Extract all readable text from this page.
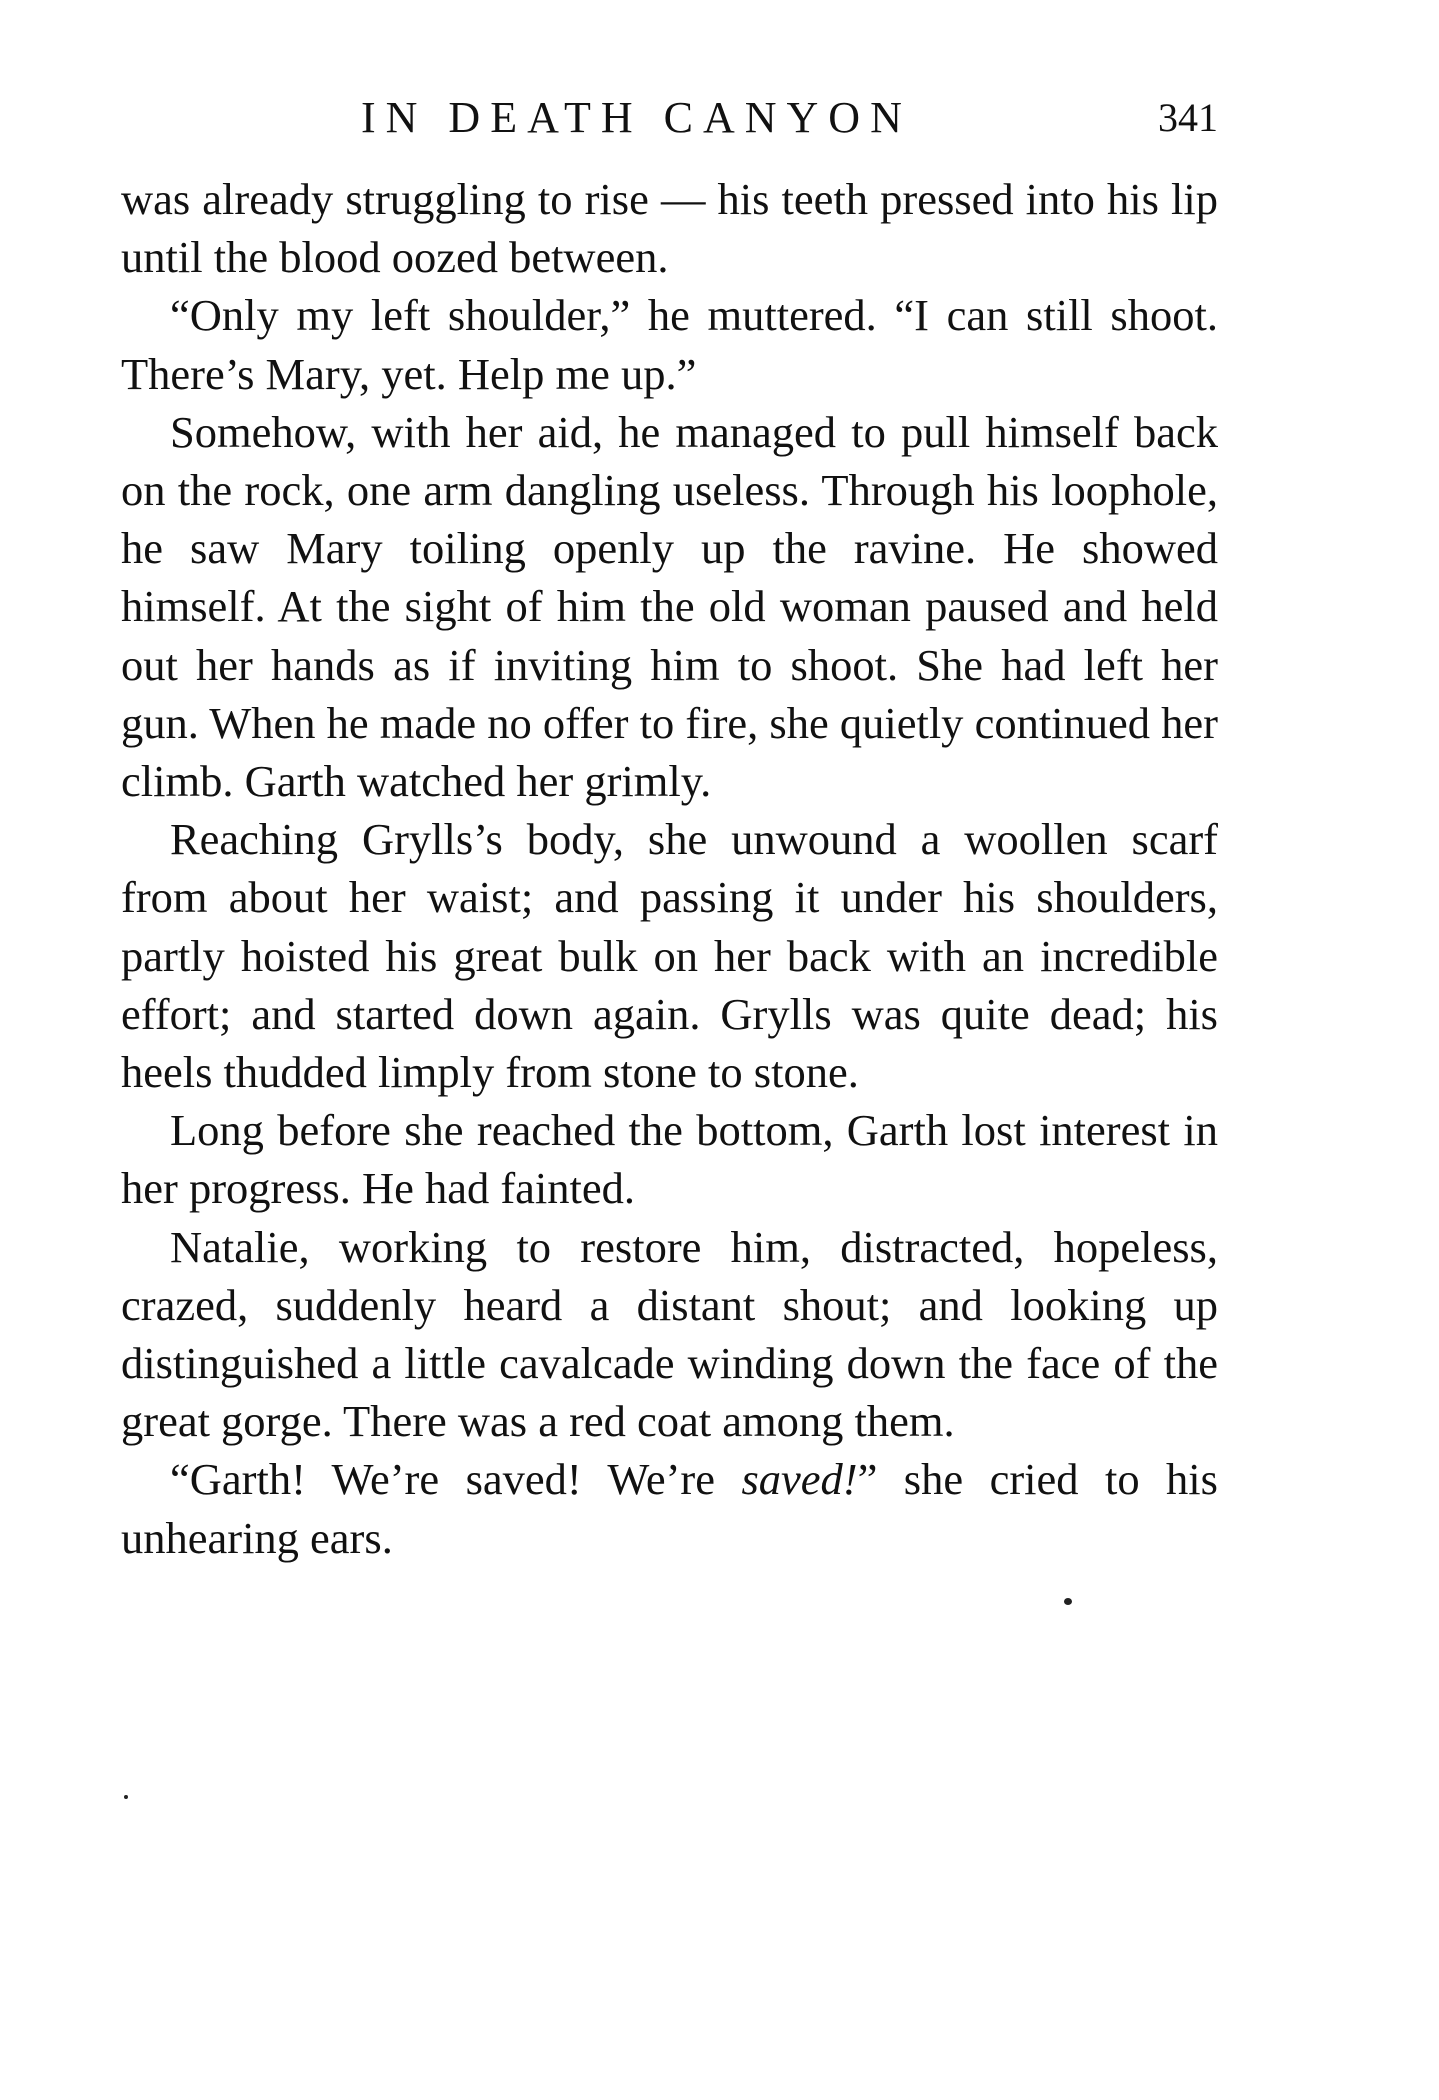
IN DEATH CANYON	341

was already struggling to rise — his teeth pressed into his lip until the blood oozed between.

“Only my left shoulder,” he muttered. “I can still shoot. There’s Mary, yet. Help me up.”

Somehow, with her aid, he managed to pull himself back on the rock, one arm dangling useless. Through his loophole, he saw Mary toiling openly up the ravine. He showed himself. At the sight of him the old woman paused and held out her hands as if inviting him to shoot. She had left her gun. When he made no offer to fire, she quietly continued her climb. Garth watched her grimly.

Reaching Grylls’s body, she unwound a woollen scarf from about her waist; and passing it under his shoulders, partly hoisted his great bulk on her back with an incredible effort; and started down again. Grylls was quite dead; his heels thudded limply from stone to stone.

Long before she reached the bottom, Garth lost interest in her progress. He had fainted.

Natalie, working to restore him, distracted, hopeless, crazed, suddenly heard a distant shout; and looking up distinguished a little cavalcade winding down the face of the great gorge. There was a red coat among them.

“Garth! We’re saved! We’re saved!” she cried to his unhearing ears.
